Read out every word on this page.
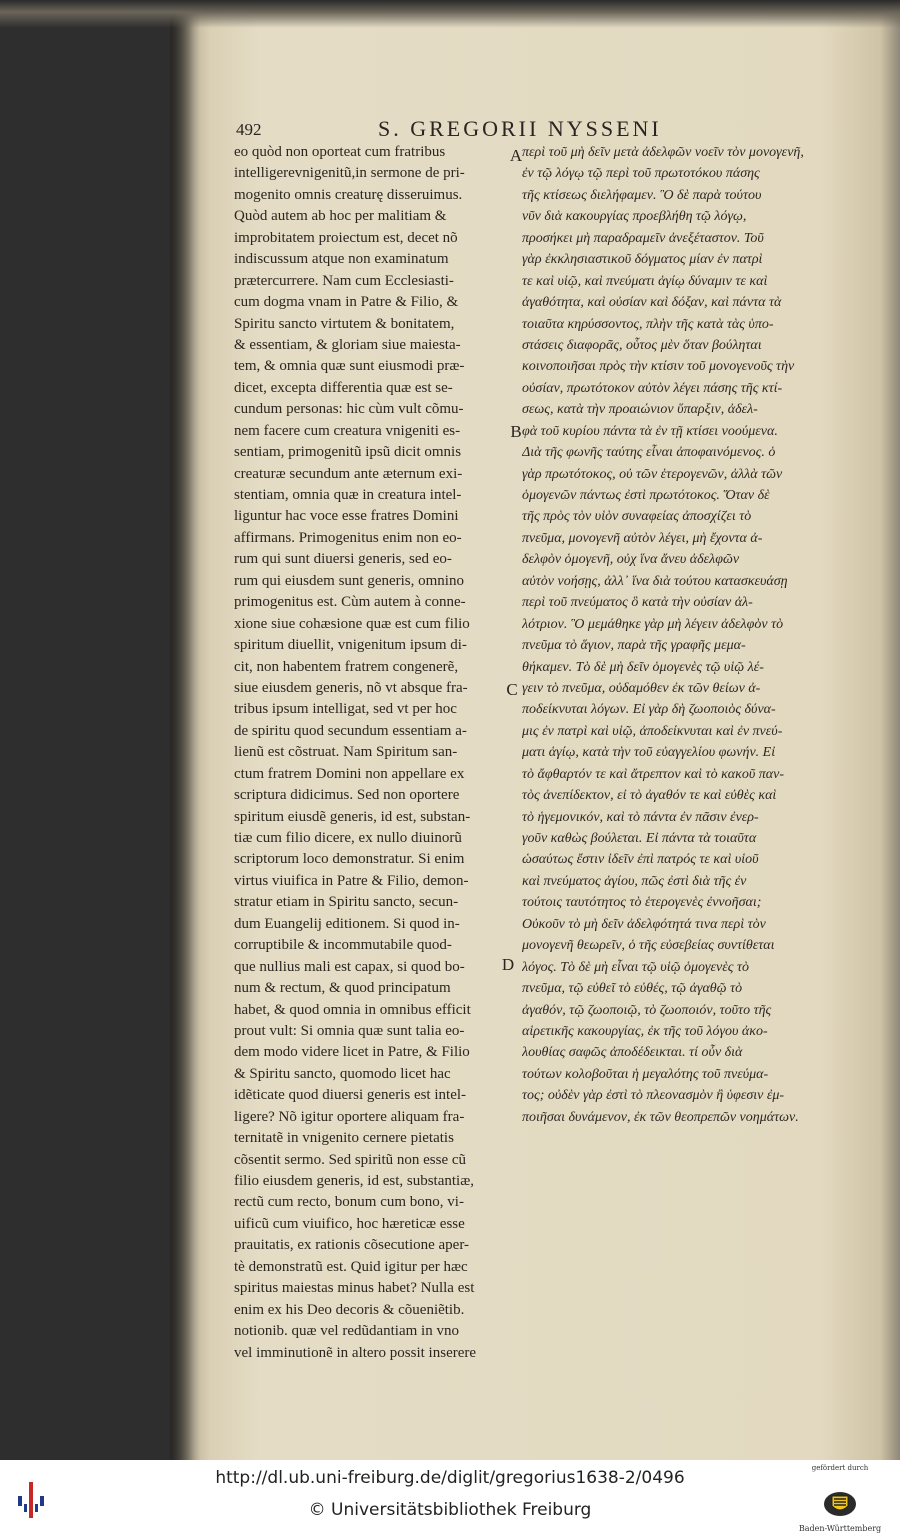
492	S. GREGORII NYSSENI
eo quòd non oporteat cum fratribus
intelligerevnigenitũ,in sermone de pri-
mogenito omnis creaturę disseruimus.
Quòd autem ab hoc per malitiam &
improbitatem proiectum est, decet nõ
indiscussum atque non examinatum
prætercurrere. Nam cum Ecclesiasti-
cum dogma vnam in Patre & Filio, &
Spiritu sancto virtutem & bonitatem,
& essentiam, & gloriam siue maiesta-
tem, & omnia quæ sunt eiusmodi præ-
dicet, excepta differentia quæ est se-
cundum personas: hic cùm vult cõmu-
nem facere cum creatura vnigeniti es-
sentiam, primogenitũ ipsũ dicit omnis
creaturæ secundum ante æternum exi-
stentiam, omnia quæ in creatura intel-
liguntur hac voce esse fratres Domini
affirmans. Primogenitus enim non eo-
rum qui sunt diuersi generis, sed eo-
rum qui eiusdem sunt generis, omnino
primogenitus est. Cùm autem à conne-
xione siue cohæsione quæ est cum filio
spiritum diuellit, vnigenitum ipsum di-
cit, non habentem fratrem congenerẽ,
siue eiusdem generis, nõ vt absque fra-
tribus ipsum intelligat, sed vt per hoc
de spiritu quod secundum essentiam a-
lienũ est cõstruat. Nam Spiritum san-
ctum fratrem Domini non appellare ex
scriptura didicimus. Sed non oportere
spiritum eiusdẽ generis, id est, substan-
tiæ cum filio dicere, ex nullo diuinorũ
scriptorum loco demonstratur. Si enim
virtus viuifica in Patre & Filio, demon-
stratur etiam in Spiritu sancto, secun-
dum Euangelij editionem. Si quod in-
corruptibile & incommutabile quod-
que nullius mali est capax, si quod bo-
num & rectum, & quod principatum
habet, & quod omnia in omnibus efficit
prout vult: Si omnia quæ sunt talia eo-
dem modo videre licet in Patre, & Filio
& Spiritu sancto, quomodo licet hac
idẽticate quod diuersi generis est intel-
ligere? Nõ igitur oportere aliquam fra-
ternitatẽ in vnigenito cernere pietatis
cõsentit sermo. Sed spiritũ non esse cũ
filio eiusdem generis, id est, substantiæ,
rectũ cum recto, bonum cum bono, vi-
uificũ cum viuifico, hoc hæreticæ esse
prauitatis, ex rationis cõsecutione aper-
tè demonstratũ est. Quid igitur per hæc
spiritus maiestas minus habet? Nulla est
enim ex his Deo decoris & cõueniẽtib.
notionib. quæ vel redũdantiam in vno
vel imminutionẽ in altero possit inserere
περὶ τοῦ μὴ δεῖν μετὰ ἀδελφῶν νοεῖν τὸν μονογενῆ,
ἐν τῷ λόγῳ τῷ περὶ τοῦ πρωτοτόκου πάσης
τῆς κτίσεως διελήφαμεν. Ὃ δὲ παρὰ τούτου
νῦν διὰ κακουργίας προεβλήθη τῷ λόγῳ,
προσήκει μὴ παραδραμεῖν ἀνεξέταστον. Τοῦ
γὰρ ἐκκλησιαστικοῦ δόγματος μίαν ἐν πατρὶ
τε καὶ υἱῷ, καὶ πνεύματι ἁγίῳ δύναμιν τε καὶ
ἀγαθότητα, καὶ οὐσίαν καὶ δόξαν, καὶ πάντα τὰ
τοιαῦτα κηρύσσοντος, πλὴν τῆς κατὰ τὰς ὑπο-
στάσεις διαφορᾶς, οὗτος μὲν ὅταν βούληται
κοινοποιῆσαι πρὸς τὴν κτίσιν τοῦ μονογενοῦς τὴν
οὐσίαν, πρωτότοκον αὐτὸν λέγει πάσης τῆς κτί-
σεως, κατὰ τὴν προαιώνιον ὕπαρξιν, ἀδελ-
φὰ τοῦ κυρίου πάντα τὰ ἐν τῇ κτίσει νοούμενα.
Διὰ τῆς φωνῆς ταύτης εἶναι ἀποφαινόμενος. ὁ
γὰρ πρωτότοκος, οὐ τῶν ἑτερογενῶν, ἀλλὰ τῶν
ὁμογενῶν πάντως ἐστὶ πρωτότοκος. Ὅταν δὲ
τῆς πρὸς τὸν υἱὸν συναφείας ἀποσχίζει τὸ
πνεῦμα, μονογενῆ αὐτὸν λέγει, μὴ ἔχοντα ἀ-
δελφὸν ὁμογενῆ, οὐχ ἵνα ἄνευ ἀδελφῶν
αὐτὸν νοήσῃς, ἀλλ᾽ ἵνα διὰ τούτου κατασκευάσῃ
περὶ τοῦ πνεύματος ὃ κατὰ τὴν οὐσίαν ἀλ-
λότριον. Ὃ μεμάθηκε γὰρ μὴ λέγειν ἀδελφὸν τὸ
πνεῦμα τὸ ἅγιον, παρὰ τῆς γραφῆς μεμα-
θήκαμεν. Τὸ δὲ μὴ δεῖν ὁμογενὲς τῷ υἱῷ λέ-
γειν τὸ πνεῦμα, οὐδαμόθεν ἐκ τῶν θείων ἀ-
ποδείκνυται λόγων. Εἰ γὰρ δὴ ζωοποιὸς δύνα-
μις ἐν πατρὶ καὶ υἱῷ, ἀποδείκνυται καὶ ἐν πνεύ-
ματι ἁγίῳ, κατὰ τὴν τοῦ εὐαγγελίου φωνήν. Εἰ
τὸ ἄφθαρτόν τε καὶ ἄτρεπτον καὶ τὸ κακοῦ παν-
τὸς ἀνεπίδεκτον, εἰ τὸ ἀγαθόν τε καὶ εὐθὲς καὶ
τὸ ἡγεμονικόν, καὶ τὸ πάντα ἐν πᾶσιν ἐνερ-
γοῦν καθὼς βούλεται. Εἰ πάντα τὰ τοιαῦτα
ὡσαύτως ἔστιν ἰδεῖν ἐπὶ πατρός τε καὶ υἱοῦ
καὶ πνεύματος ἁγίου, πῶς ἐστὶ διὰ τῆς ἐν
τούτοις ταυτότητος τὸ ἑτερογενὲς ἐννοῆσαι;
Οὐκοῦν τὸ μὴ δεῖν ἀδελφότητά τινα περὶ τὸν
μονογενῆ θεωρεῖν, ὁ τῆς εὐσεβείας συντίθεται
λόγος. Τὸ δὲ μὴ εἶναι τῷ υἱῷ ὁμογενὲς τὸ
πνεῦμα, τῷ εὐθεῖ τὸ εὐθές, τῷ ἀγαθῷ τὸ
ἀγαθόν, τῷ ζωοποιῷ, τὸ ζωοποιόν, τοῦτο τῆς
αἱρετικῆς κακουργίας, ἐκ τῆς τοῦ λόγου ἀκο-
λουθίας σαφῶς ἀποδέδεικται. τί οὖν διὰ
τούτων κολοβοῦται ἡ μεγαλότης τοῦ πνεύμα-
τος; οὐδὲν γὰρ ἐστὶ τὸ πλεονασμὸν ἢ ὑφεσιν ἐμ-
ποιῆσαι δυνάμενον, ἐκ τῶν θεοπρεπῶν νοημάτων.
A
B
C
D
http://dl.ub.uni-freiburg.de/diglit/gregorius1638-2/0496
© Universitätsbibliothek Freiburg
gefördert durch
Baden-Württemberg
